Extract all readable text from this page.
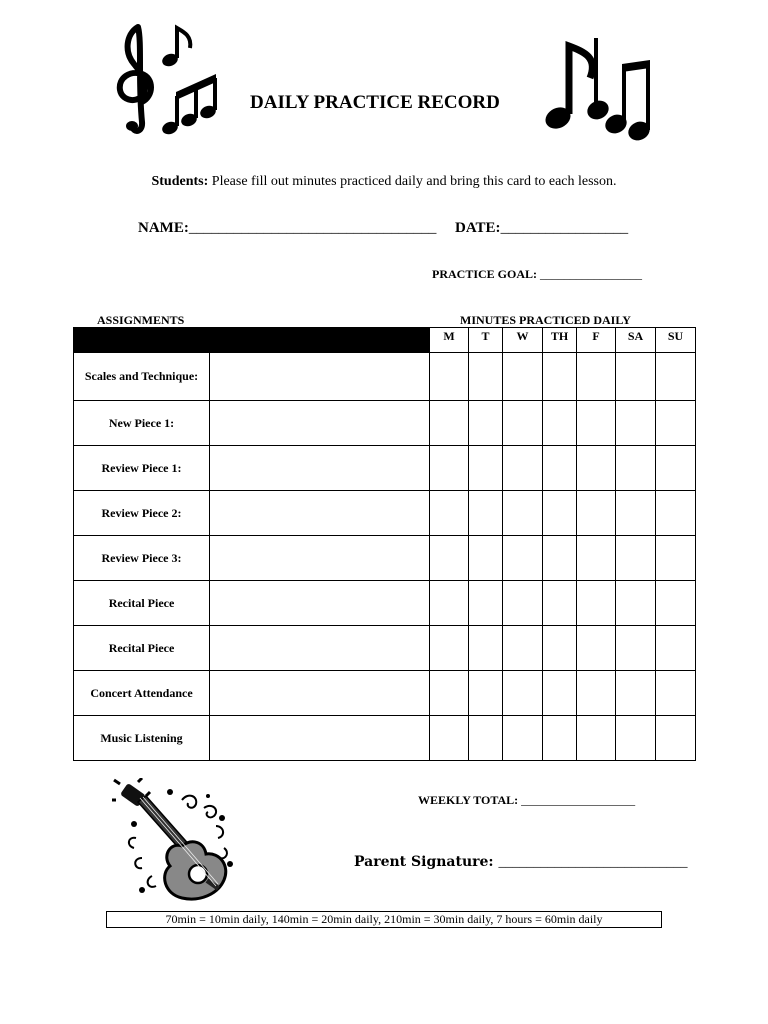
DAILY PRACTICE RECORD
Students: Please fill out minutes practiced daily and bring this card to each lesson.
NAME:_________________________________ DATE:_________________
PRACTICE GOAL: _________________
ASSIGNMENTS	MINUTES PRACTICED DAILY
		M	T	W	TH	F	SA	SU
Scales and Technique:								
New Piece 1:								
Review Piece 1:								
Review Piece 2:								
Review Piece 3:								
Recital Piece								
Recital Piece								
Concert Attendance								
Music Listening								
WEEKLY TOTAL: ___________________
Parent Signature: ___________________________
70min = 10min daily, 140min = 20min daily, 210min = 30min daily, 7 hours = 60min daily
